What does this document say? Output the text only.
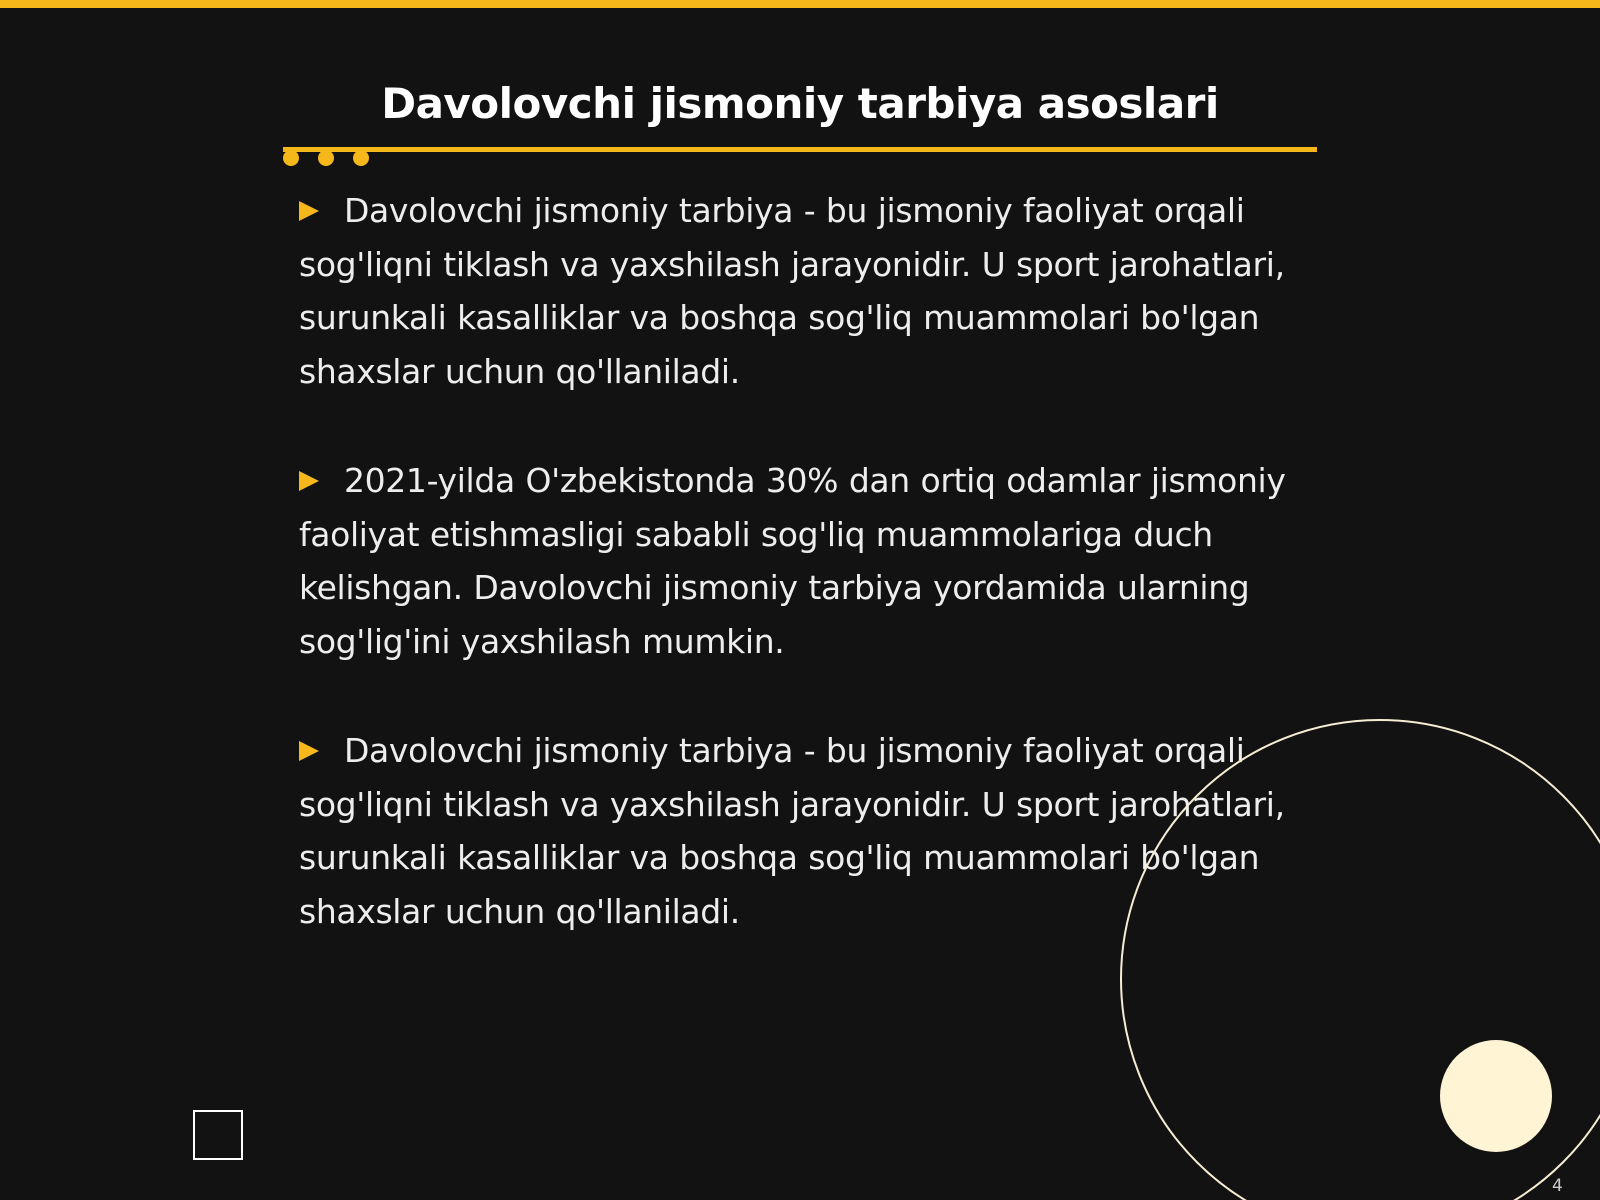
Davolovchi jismoniy tarbiya asoslari

Davolovchi jismoniy tarbiya - bu jismoniy faoliyat orqali sog'liqni tiklash va yaxshilash jarayonidir. U sport jarohatlari, surunkali kasalliklar va boshqa sog'liq muammolari bo'lgan shaxslar uchun qo'llaniladi.

2021-yilda O'zbekistonda 30% dan ortiq odamlar jismoniy faoliyat etishmasligi sababli sog'liq muammolariga duch kelishgan. Davolovchi jismoniy tarbiya yordamida ularning sog'lig'ini yaxshilash mumkin.

Davolovchi jismoniy tarbiya - bu jismoniy faoliyat orqali sog'liqni tiklash va yaxshilash jarayonidir. U sport jarohatlari, surunkali kasalliklar va boshqa sog'liq muammolari bo'lgan shaxslar uchun qo'llaniladi.

4
